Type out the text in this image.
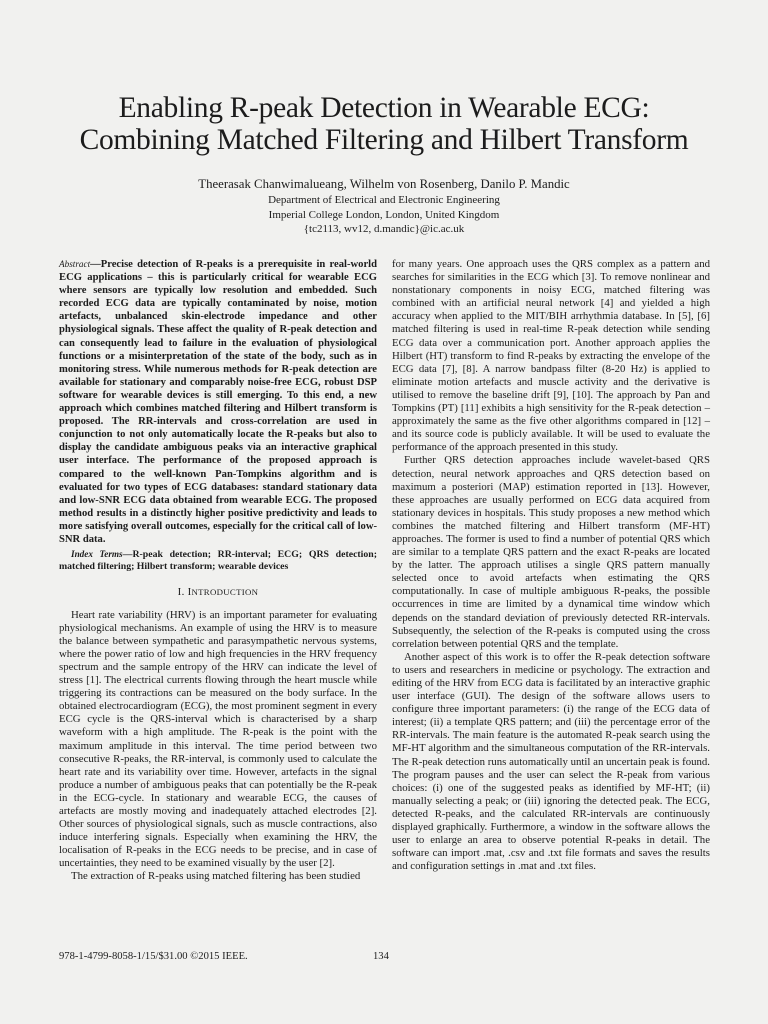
Enabling R-peak Detection in Wearable ECG:
Combining Matched Filtering and Hilbert Transform
Theerasak Chanwimalueang, Wilhelm von Rosenberg, Danilo P. Mandic
Department of Electrical and Electronic Engineering
Imperial College London, London, United Kingdom
{tc2113, wv12, d.mandic}@ic.ac.uk

Abstract—Precise detection of R-peaks is a prerequisite in real-world ECG applications – this is particularly critical for wearable ECG where sensors are typically low resolution and embedded. Such recorded ECG data are typically contaminated by noise, motion artefacts, unbalanced skin-electrode impedance and other physiological signals. These affect the quality of R-peak detection and can consequently lead to failure in the evaluation of physiological functions or a misinterpretation of the state of the body, such as in monitoring stress. While numerous methods for R-peak detection are available for stationary and comparably noise-free ECG, robust DSP software for wearable devices is still emerging. To this end, a new approach which combines matched filtering and Hilbert transform is proposed. The RR-intervals and cross-correlation are used in conjunction to not only automatically locate the R-peaks but also to display the candidate ambiguous peaks via an interactive graphical user interface. The performance of the proposed approach is compared to the well-known Pan-Tompkins algorithm and is evaluated for two types of ECG databases: standard stationary data and low-SNR ECG data obtained from wearable ECG. The proposed method results in a distinctly higher positive predictivity and leads to more satisfying overall outcomes, especially for the critical call of low-SNR data.

Index Terms—R-peak detection; RR-interval; ECG; QRS detection; matched filtering; Hilbert transform; wearable devices

I. INTRODUCTION

Heart rate variability (HRV) is an important parameter for evaluating physiological mechanisms. An example of using the HRV is to measure the balance between sympathetic and parasympathetic nervous systems, where the power ratio of low and high frequencies in the HRV frequency spectrum and the sample entropy of the HRV can indicate the level of stress [1]. The electrical currents flowing through the heart muscle while triggering its contractions can be measured on the body surface. In the obtained electrocardiogram (ECG), the most prominent segment in every ECG cycle is the QRS-interval which is characterised by a sharp waveform with a high amplitude. The R-peak is the point with the maximum amplitude in this interval. The time period between two consecutive R-peaks, the RR-interval, is commonly used to calculate the heart rate and its variability over time. However, artefacts in the signal produce a number of ambiguous peaks that can potentially be the R-peak in the ECG-cycle. In stationary and wearable ECG, the causes of artefacts are mostly moving and inadequately attached electrodes [2]. Other sources of physiological signals, such as muscle contractions, also induce interfering signals. Especially when examining the HRV, the localisation of R-peaks in the ECG needs to be precise, and in case of uncertainties, they need to be examined visually by the user [2].

The extraction of R-peaks using matched filtering has been studied

for many years. One approach uses the QRS complex as a pattern and searches for similarities in the ECG which [3]. To remove nonlinear and nonstationary components in noisy ECG, matched filtering was combined with an artificial neural network [4] and yielded a high accuracy when applied to the MIT/BIH arrhythmia database. In [5], [6] matched filtering is used in real-time R-peak detection while sending ECG data over a communication port. Another approach applies the Hilbert (HT) transform to find R-peaks by extracting the envelope of the ECG data [7], [8]. A narrow bandpass filter (8-20 Hz) is applied to eliminate motion artefacts and muscle activity and the derivative is utilised to remove the baseline drift [9], [10]. The approach by Pan and Tompkins (PT) [11] exhibits a high sensitivity for the R-peak detection – approximately the same as the five other algorithms compared in [12] – and its source code is publicly available. It will be used to evaluate the performance of the approach presented in this study.

Further QRS detection approaches include wavelet-based QRS detection, neural network approaches and QRS detection based on maximum a posteriori (MAP) estimation reported in [13]. However, these approaches are usually performed on ECG data acquired from stationary devices in hospitals. This study proposes a new method which combines the matched filtering and Hilbert transform (MF-HT) approaches. The former is used to find a number of potential QRS which are similar to a template QRS pattern and the exact R-peaks are located by the latter. The approach utilises a single QRS pattern manually selected once to avoid artefacts when estimating the QRS computationally. In case of multiple ambiguous R-peaks, the possible occurrences in time are limited by a dynamical time window which depends on the standard deviation of previously detected RR-intervals. Subsequently, the selection of the R-peaks is computed using the cross correlation between potential QRS and the template.

Another aspect of this work is to offer the R-peak detection software to users and researchers in medicine or psychology. The extraction and editing of the HRV from ECG data is facilitated by an interactive graphic user interface (GUI). The design of the software allows users to configure three important parameters: (i) the range of the ECG data of interest; (ii) a template QRS pattern; and (iii) the percentage error of the RR-intervals. The main feature is the automated R-peak search using the MF-HT algorithm and the simultaneous computation of the RR-intervals. The R-peak detection runs automatically until an uncertain peak is found. The program pauses and the user can select the R-peak from various choices: (i) one of the suggested peaks as identified by MF-HT; (ii) manually selecting a peak; or (iii) ignoring the detected peak. The ECG, detected R-peaks, and the calculated RR-intervals are continuously displayed graphically. Furthermore, a window in the software allows the user to enlarge an area to observe potential R-peaks in detail. The software can import .mat, .csv and .txt file formats and saves the results and configuration settings in .mat and .txt files.

978-1-4799-8058-1/15/$31.00 ©2015 IEEE.	134
